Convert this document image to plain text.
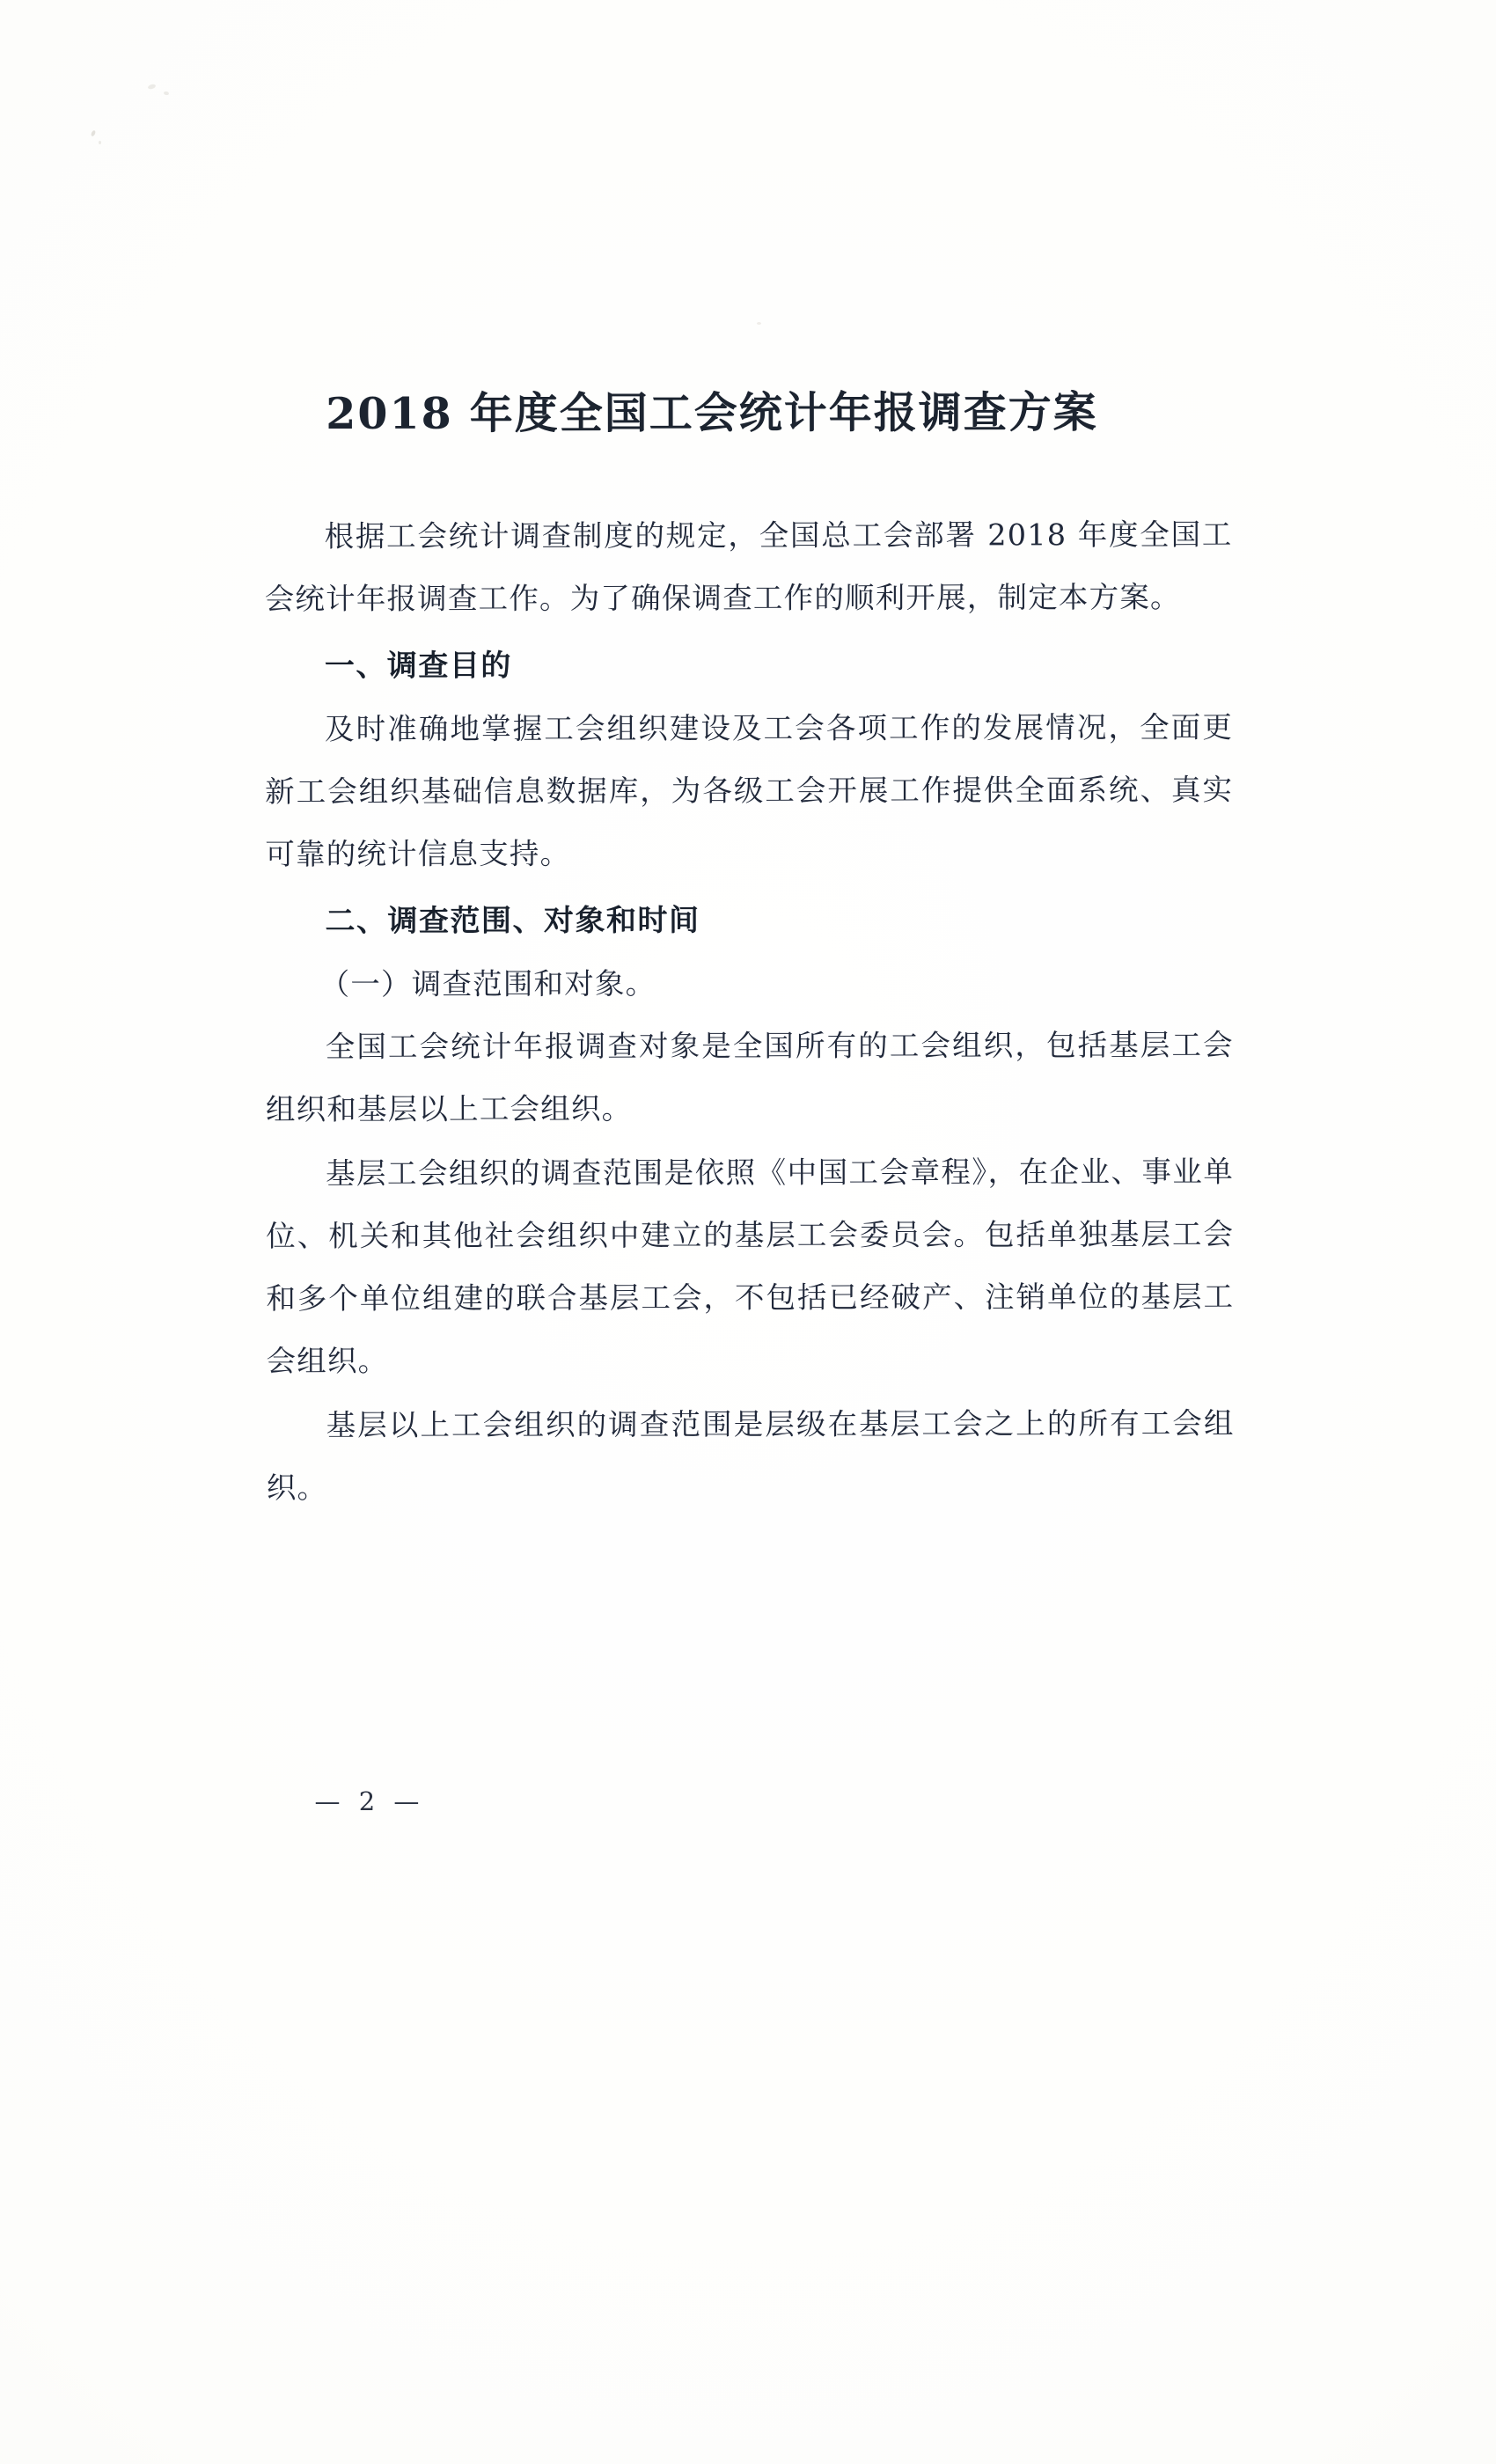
2018 年度全国工会统计年报调查方案

根据工会统计调查制度的规定，全国总工会部署 2018 年度全国工会统计年报调查工作。为了确保调查工作的顺利开展，制定本方案。

一、调查目的

及时准确地掌握工会组织建设及工会各项工作的发展情况，全面更新工会组织基础信息数据库，为各级工会开展工作提供全面系统、真实可靠的统计信息支持。

二、调查范围、对象和时间

（一）调查范围和对象。

全国工会统计年报调查对象是全国所有的工会组织，包括基层工会组织和基层以上工会组织。

基层工会组织的调查范围是依照《中国工会章程》，在企业、事业单位、机关和其他社会组织中建立的基层工会委员会。包括单独基层工会和多个单位组建的联合基层工会，不包括已经破产、注销单位的基层工会组织。

基层以上工会组织的调查范围是层级在基层工会之上的所有工会组织。

— 2 —
